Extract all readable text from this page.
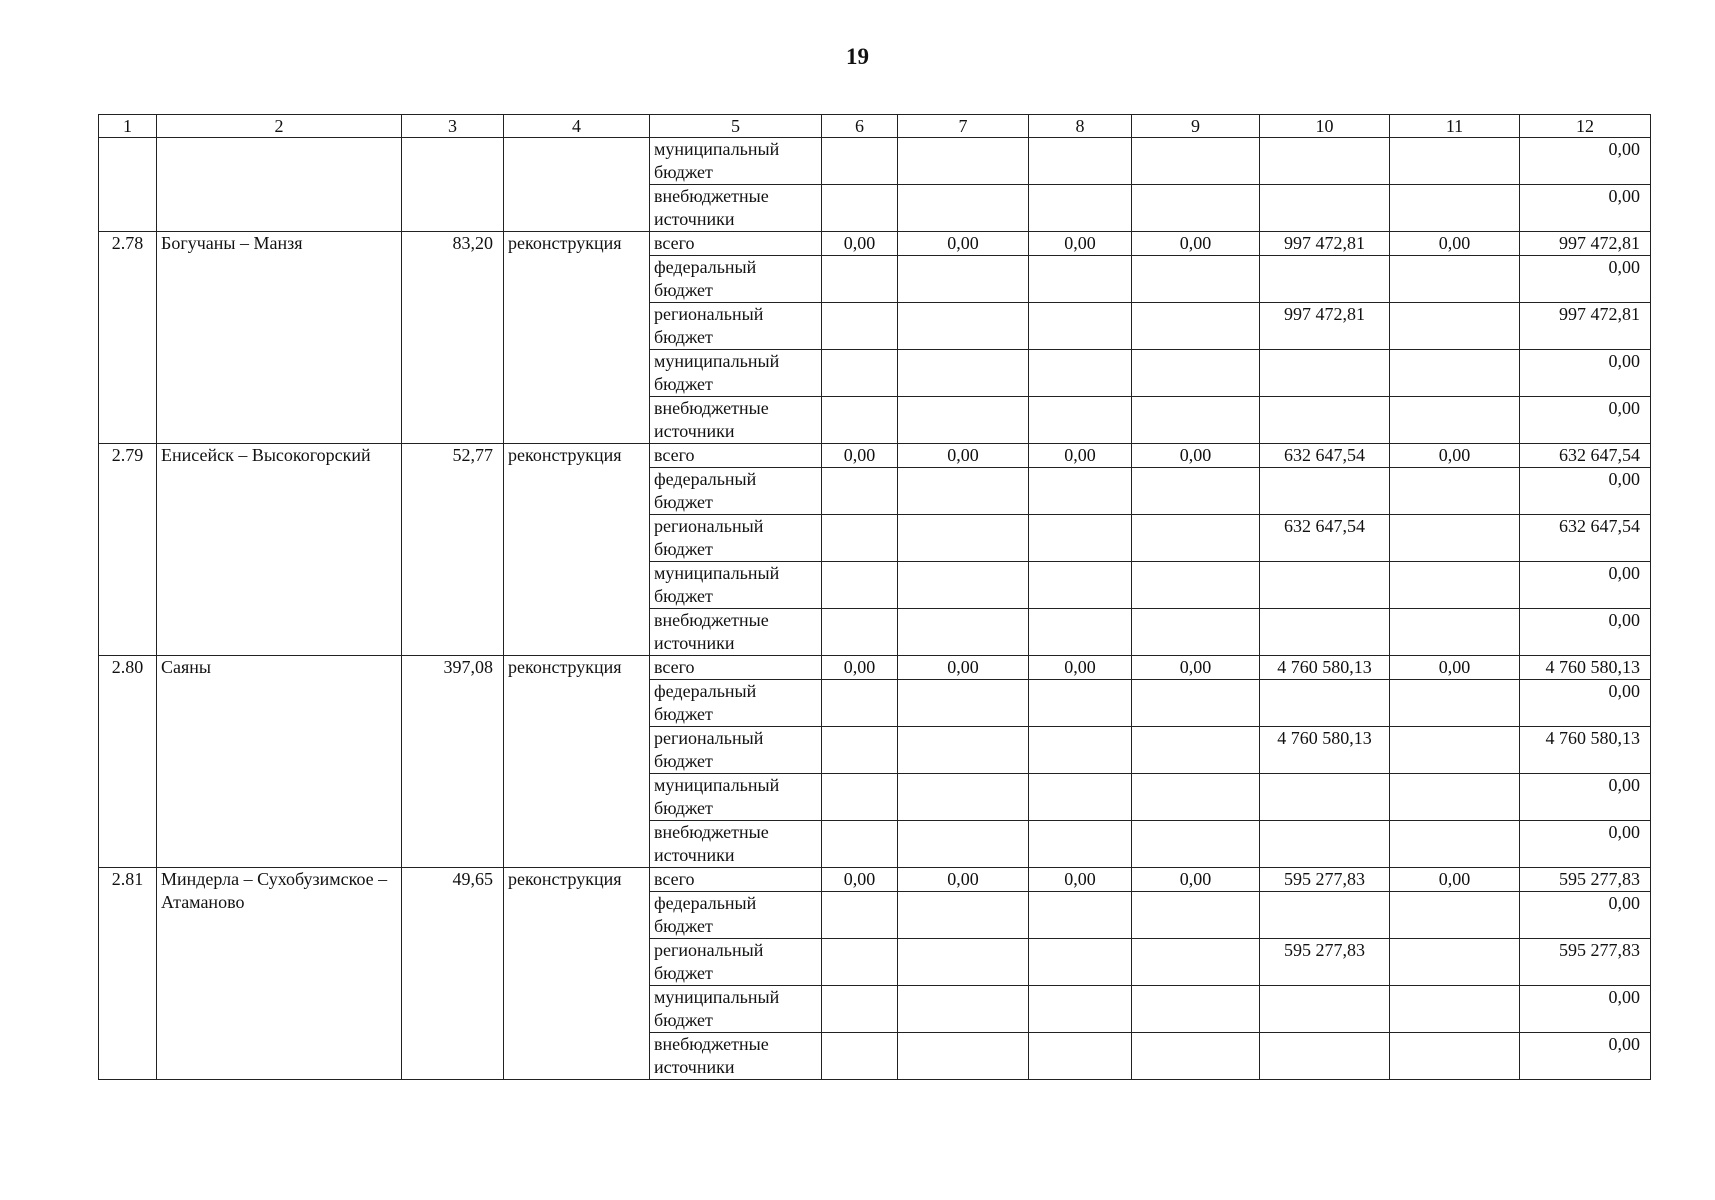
19
1	2	3	4	5	6	7	8	9	10	11	12
				муниципальный бюджет							0,00
				внебюджетные источники							0,00
2.78	Богучаны – Манзя	83,20	реконструкция	всего	0,00	0,00	0,00	0,00	997 472,81	0,00	997 472,81
				федеральный бюджет							0,00
				региональный бюджет					997 472,81		997 472,81
				муниципальный бюджет							0,00
				внебюджетные источники							0,00
2.79	Енисейск – Высокогорский	52,77	реконструкция	всего	0,00	0,00	0,00	0,00	632 647,54	0,00	632 647,54
				федеральный бюджет							0,00
				региональный бюджет					632 647,54		632 647,54
				муниципальный бюджет							0,00
				внебюджетные источники							0,00
2.80	Саяны	397,08	реконструкция	всего	0,00	0,00	0,00	0,00	4 760 580,13	0,00	4 760 580,13
				федеральный бюджет							0,00
				региональный бюджет					4 760 580,13		4 760 580,13
				муниципальный бюджет							0,00
				внебюджетные источники							0,00
2.81	Миндерла – Сухобузимское – Атаманово	49,65	реконструкция	всего	0,00	0,00	0,00	0,00	595 277,83	0,00	595 277,83
				федеральный бюджет							0,00
				региональный бюджет					595 277,83		595 277,83
				муниципальный бюджет							0,00
				внебюджетные источники							0,00
